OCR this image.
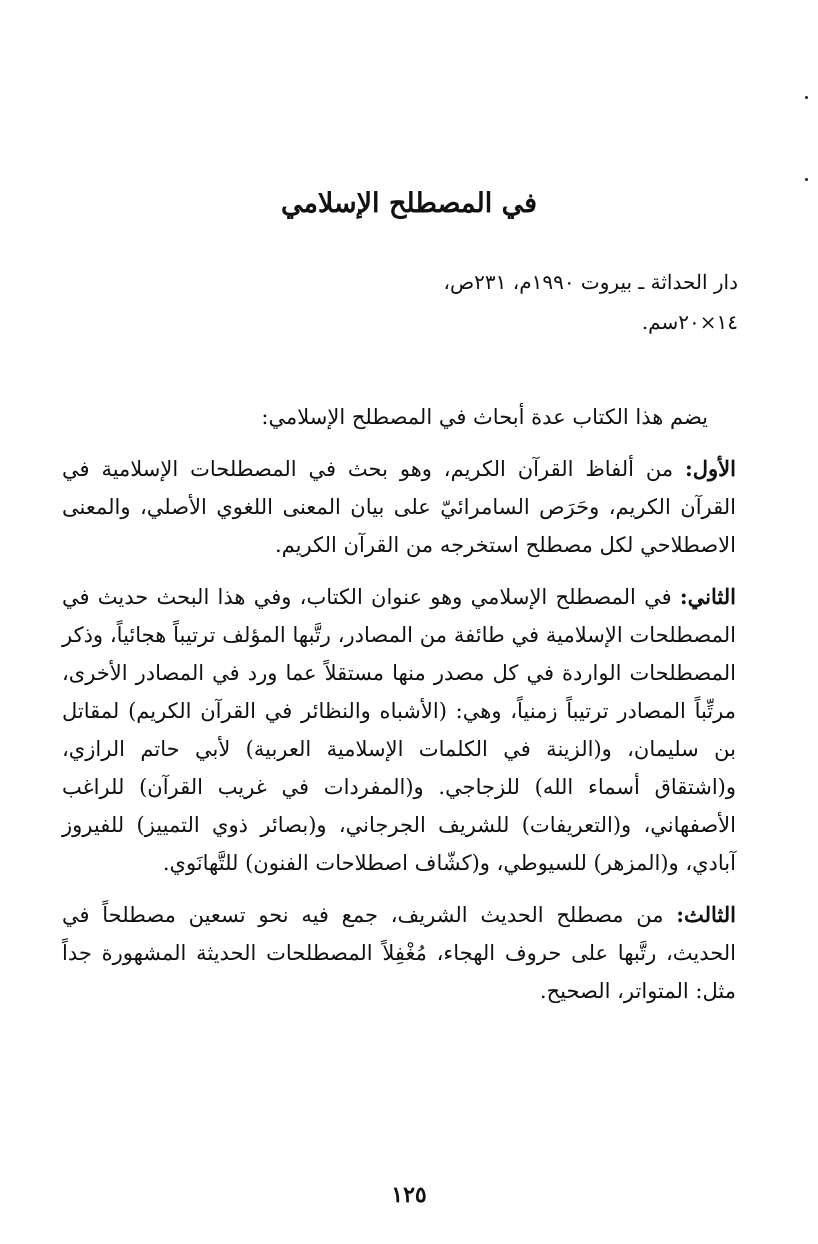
في المصطلح الإسلامي
دار الحداثة ـ بيروت ١٩٩٠م، ٢٣١ص،
١٤×٢٠سم.

يضم هذا الكتاب عدة أبحاث في المصطلح الإسلامي:

الأول: من ألفاظ القرآن الكريم، وهو بحث في المصطلحات الإسلامية في القرآن الكريم، وحَرَص السامرائيّ على بيان المعنى اللغوي الأصلي، والمعنى الاصطلاحي لكل مصطلح استخرجه من القرآن الكريم.

الثاني: في المصطلح الإسلامي وهو عنوان الكتاب، وفي هذا البحث حديث في المصطلحات الإسلامية في طائفة من المصادر، رتَّبها المؤلف ترتيباً هجائياً، وذكر المصطلحات الواردة في كل مصدر منها مستقلاً عما ورد في المصادر الأخرى، مرتِّباً المصادر ترتيباً زمنياً، وهي: (الأشباه والنظائر في القرآن الكريم) لمقاتل بن سليمان، و(الزينة في الكلمات الإسلامية العربية) لأبي حاتم الرازي، و(اشتقاق أسماء الله) للزجاجي. و(المفردات في غريب القرآن) للراغب الأصفهاني، و(التعريفات) للشريف الجرجاني، و(بصائر ذوي التمييز) للفيروز آبادي، و(المزهر) للسيوطي، و(كشّاف اصطلاحات الفنون) للتَّهانَوي.

الثالث: من مصطلح الحديث الشريف، جمع فيه نحو تسعين مصطلحاً في الحديث، رتَّبها على حروف الهجاء، مُغْفِلاً المصطلحات الحديثة المشهورة جداً مثل: المتواتر، الصحيح.

١٢٥
